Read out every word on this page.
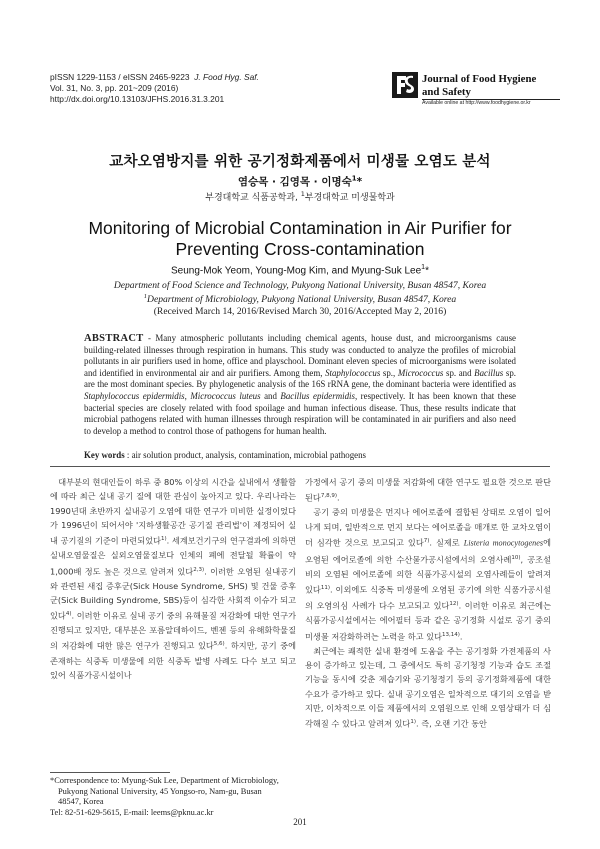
pISSN 1229-1153 / eISSN 2465-9223 J. Food Hyg. Saf.
Vol. 31, No. 3, pp. 201~209 (2016)
http://dx.doi.org/10.13103/JFHS.2016.31.3.201
Journal of Food Hygiene
and Safety
Available online at http://www.foodhygiene.or.kr
교차오염방지를 위한 공기정화제품에서 미생물 오염도 분석
염승목 · 김영목 · 이명숙$^1$*
부경대학교 식품공학과, $^1$부경대학교 미생물학과
Monitoring of Microbial Contamination in Air Purifier for
Preventing Cross-contamination
Seung-Mok Yeom, Young-Mog Kim, and Myung-Suk Lee$^1$*
Department of Food Science and Technology, Pukyong National University, Busan 48547, Korea
$^1$Department of Microbiology, Pukyong National University, Busan 48547, Korea
(Received March 14, 2016/Revised March 30, 2016/Accepted May 2, 2016)
ABSTRACT - Many atmospheric pollutants including chemical agents, house dust, and microorganisms cause building-related illnesses through respiration in humans. This study was conducted to analyze the profiles of microbial pollutants in air purifiers used in home, office and playschool. Dominant eleven species of microorganisms were isolated and identified in environmental air and air purifiers. Among them, Staphylococcus sp., Micrococcus sp. and Bacillus sp. are the most dominant species. By phylogenetic analysis of the 16S rRNA gene, the dominant bacteria were identified as Staphylococcus epidermidis, Micrococcus luteus and Bacillus epidermidis, respectively. It has been known that these bacterial species are closely related with food spoilage and human infectious disease. Thus, these results indicate that microbial pathogens related with human illnesses through respiration will be contaminated in air purifiers and also need to develop a method to control those of pathogens for human health.
Key words : air solution product, analysis, contamination, microbial pathogens

대부분의 현대인들이 하루 중 80% 이상의 시간을 실내에서 생활함에 따라 최근 실내 공기 질에 대한 관심이 높아지고 있다. 우리나라는 1990년대 초반까지 실내공기 오염에 대한 연구가 미비한 실정이었다가 1996년이 되어서야 '지하생활공간 공기질 관리법'이 제정되어 실내 공기질의 기준이 마련되었다$^{1)}$. 세계보건기구의 연구결과에 의하면 실내오염물질은 실외오염물질보다 인체의 폐에 전달될 확률이 약 1,000배 정도 높은 것으로 알려져 있다$^{2,3)}$. 이러한 오염된 실내공기와 관련된 새집 증후군(Sick House Syndrome, SHS) 및 건물 증후군(Sick Building Syndrome, SBS)등이 심각한 사회적 이슈가 되고 있다$^{4)}$. 이러한 이유로 실내 공기 중의 유해물질 저감화에 대한 연구가 진행되고 있지만, 대부분은 포름알데하이드, 벤젠 등의 유해화학물질의 저감화에 대한 많은 연구가 진행되고 있다$^{5,6)}$. 하지만, 공기 중에 존재하는 식중독 미생물에 의한 식중독 발병 사례도 다수 보고 되고 있어 식품가공시설이나

가정에서 공기 중의 미생물 저감화에 대한 연구도 필요한 것으로 판단된다$^{7,8,9)}$.

공기 중의 미생물은 먼지나 에어로졸에 결합된 상태로 오염이 일어나게 되며, 일반적으로 먼지 보다는 에어로졸을 매개로 한 교차오염이 더 심각한 것으로 보고되고 있다$^{7)}$. 실제로 Listeria monocytogenes에 오염된 에어로졸에 의한 수산물가공시설에서의 오염사례$^{10)}$, 공조설비의 오염된 에어로졸에 의한 식품가공시설의 오염사례들이 알려져 있다$^{11)}$. 이외에도 식중독 미생물에 오염된 공기에 의한 식품가공시설의 오염의심 사례가 다수 보고되고 있다$^{12)}$. 이러한 이유로 최근에는 식품가공시설에서는 에어필터 등과 같은 공기정화 시설로 공기 중의 미생물 저감화하려는 노력을 하고 있다$^{13,14)}$.

최근에는 쾌적한 실내 환경에 도움을 주는 공기정화 가전제품의 사용이 증가하고 있는데, 그 중에서도 특히 공기청정 기능과 습도 조절 기능을 동시에 갖춘 제습기와 공기청정기 등의 공기정화제품에 대한 수요가 증가하고 있다. 실내 공기오염은 일차적으로 대기의 오염을 받지만, 이차적으로 이들 제품에서의 오염원으로 인해 오염상태가 더 심각해질 수 있다고 알려져 있다$^{1)}$. 즉, 오랜 기간 동안

*Correspondence to: Myung-Suk Lee, Department of Microbiology,

Pukyong National University, 45 Yongso-ro, Nam-gu, Busan

48547, Korea

Tel: 82-51-629-5615, E-mail: leems@pknu.ac.kr

201
